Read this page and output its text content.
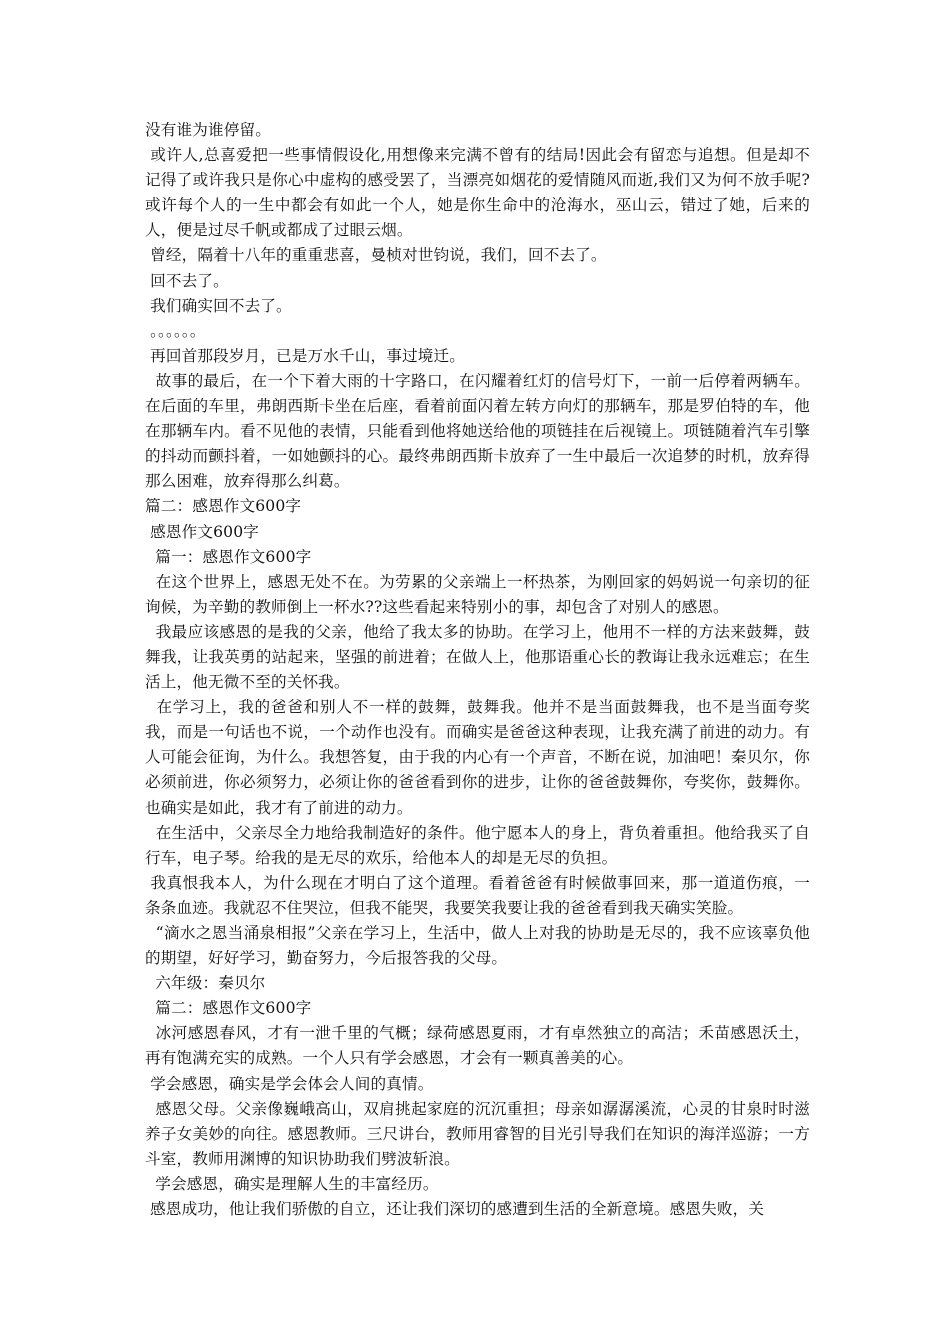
没有谁为谁停留。

或许人,总喜爱把一些事情假设化,用想像来完满不曾有的结局!因此会有留恋与追想。但是却不记得了或许我只是你心中虚构的感受罢了，当漂亮如烟花的爱情随风而逝,我们又为何不放手呢?或许每个人的一生中都会有如此一个人，她是你生命中的沧海水，巫山云，错过了她，后来的人，便是过尽千帆或都成了过眼云烟。

曾经，隔着十八年的重重悲喜，曼桢对世钧说，我们，回不去了。

回不去了。

我们确实回不去了。

。。。。。。

再回首那段岁月，已是万水千山，事过境迁。

故事的最后，在一个下着大雨的十字路口，在闪耀着红灯的信号灯下，一前一后停着两辆车。在后面的车里，弗朗西斯卡坐在后座，看着前面闪着左转方向灯的那辆车，那是罗伯特的车，他在那辆车内。看不见他的表情，只能看到他将她送给他的项链挂在后视镜上。项链随着汽车引擎的抖动而颤抖着，一如她颤抖的心。最终弗朗西斯卡放弃了一生中最后一次追梦的时机，放弃得那么困难，放弃得那么纠葛。

篇二：感恩作文600字

感恩作文600字

篇一：感恩作文600字

在这个世界上，感恩无处不在。为劳累的父亲端上一杯热茶，为刚回家的妈妈说一句亲切的征询候，为辛勤的教师倒上一杯水??这些看起来特别小的事，却包含了对别人的感恩。

我最应该感恩的是我的父亲，他给了我太多的协助。在学习上，他用不一样的方法来鼓舞，鼓舞我，让我英勇的站起来，坚强的前进着；在做人上，他那语重心长的教诲让我永远难忘；在生活上，他无微不至的关怀我。

在学习上，我的爸爸和别人不一样的鼓舞，鼓舞我。他并不是当面鼓舞我，也不是当面夸奖我，而是一句话也不说，一个动作也没有。而确实是爸爸这种表现，让我充满了前进的动力。有人可能会征询，为什么。我想答复，由于我的内心有一个声音，不断在说，加油吧！秦贝尔，你必须前进，你必须努力，必须让你的爸爸看到你的进步，让你的爸爸鼓舞你，夸奖你，鼓舞你。也确实是如此，我才有了前进的动力。

在生活中，父亲尽全力地给我制造好的条件。他宁愿本人的身上，背负着重担。他给我买了自行车，电子琴。给我的是无尽的欢乐，给他本人的却是无尽的负担。

我真恨我本人，为什么现在才明白了这个道理。看着爸爸有时候做事回来，那一道道伤痕，一条条血迹。我就忍不住哭泣，但我不能哭，我要笑我要让我的爸爸看到我天确实笑脸。

“滴水之恩当涌泉相报”父亲在学习上，生活中，做人上对我的协助是无尽的，我不应该辜负他的期望，好好学习，勤奋努力，今后报答我的父母。

六年级：秦贝尔

篇二：感恩作文600字

冰河感恩春风，才有一泄千里的气概；绿荷感恩夏雨，才有卓然独立的高洁；禾苗感恩沃土，再有饱满充实的成熟。一个人只有学会感恩，才会有一颗真善美的心。

学会感恩，确实是学会体会人间的真情。

感恩父母。父亲像巍峨高山，双肩挑起家庭的沉沉重担；母亲如潺潺溪流，心灵的甘泉时时滋养子女美妙的向往。感恩教师。三尺讲台，教师用睿智的目光引导我们在知识的海洋巡游；一方斗室，教师用渊博的知识协助我们劈波斩浪。

学会感恩，确实是理解人生的丰富经历。

感恩成功，他让我们骄傲的自立，还让我们深切的感遭到生活的全新意境。感恩失败，关
